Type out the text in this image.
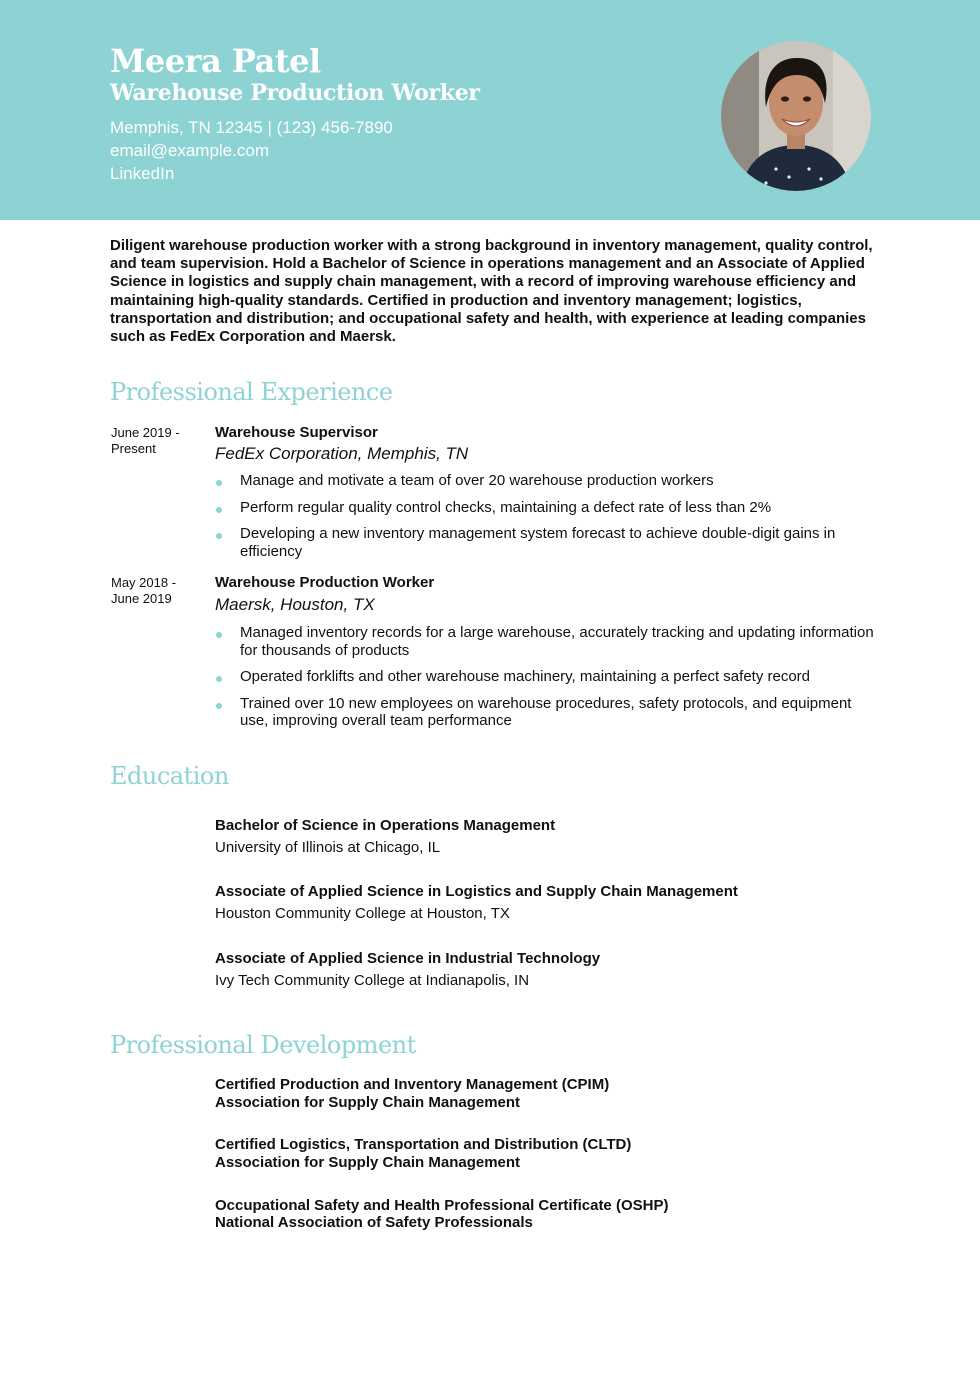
Meera Patel
Warehouse Production Worker
Memphis, TN 12345 | (123) 456-7890
email@example.com
LinkedIn

Diligent warehouse production worker with a strong background in inventory management, quality control, and team supervision. Hold a Bachelor of Science in operations management and an Associate of Applied Science in logistics and supply chain management, with a record of improving warehouse efficiency and maintaining high-quality standards. Certified in production and inventory management; logistics, transportation and distribution; and occupational safety and health, with experience at leading companies such as FedEx Corporation and Maersk.

Professional Experience
June 2019 -
Present
Warehouse Supervisor
FedEx Corporation, Memphis, TN
Manage and motivate a team of over 20 warehouse production workers
Perform regular quality control checks, maintaining a defect rate of less than 2%
Developing a new inventory management system forecast to achieve double-digit gains in efficiency
May 2018 -
June 2019
Warehouse Production Worker
Maersk, Houston, TX
Managed inventory records for a large warehouse, accurately tracking and updating information for thousands of products
Operated forklifts and other warehouse machinery, maintaining a perfect safety record
Trained over 10 new employees on warehouse procedures, safety protocols, and equipment use, improving overall team performance
Education
Bachelor of Science in Operations Management
University of Illinois at Chicago, IL
Associate of Applied Science in Logistics and Supply Chain Management
Houston Community College at Houston, TX
Associate of Applied Science in Industrial Technology
Ivy Tech Community College at Indianapolis, IN
Professional Development
Certified Production and Inventory Management (CPIM)
Association for Supply Chain Management
Certified Logistics, Transportation and Distribution (CLTD)
Association for Supply Chain Management
Occupational Safety and Health Professional Certificate (OSHP)
National Association of Safety Professionals
